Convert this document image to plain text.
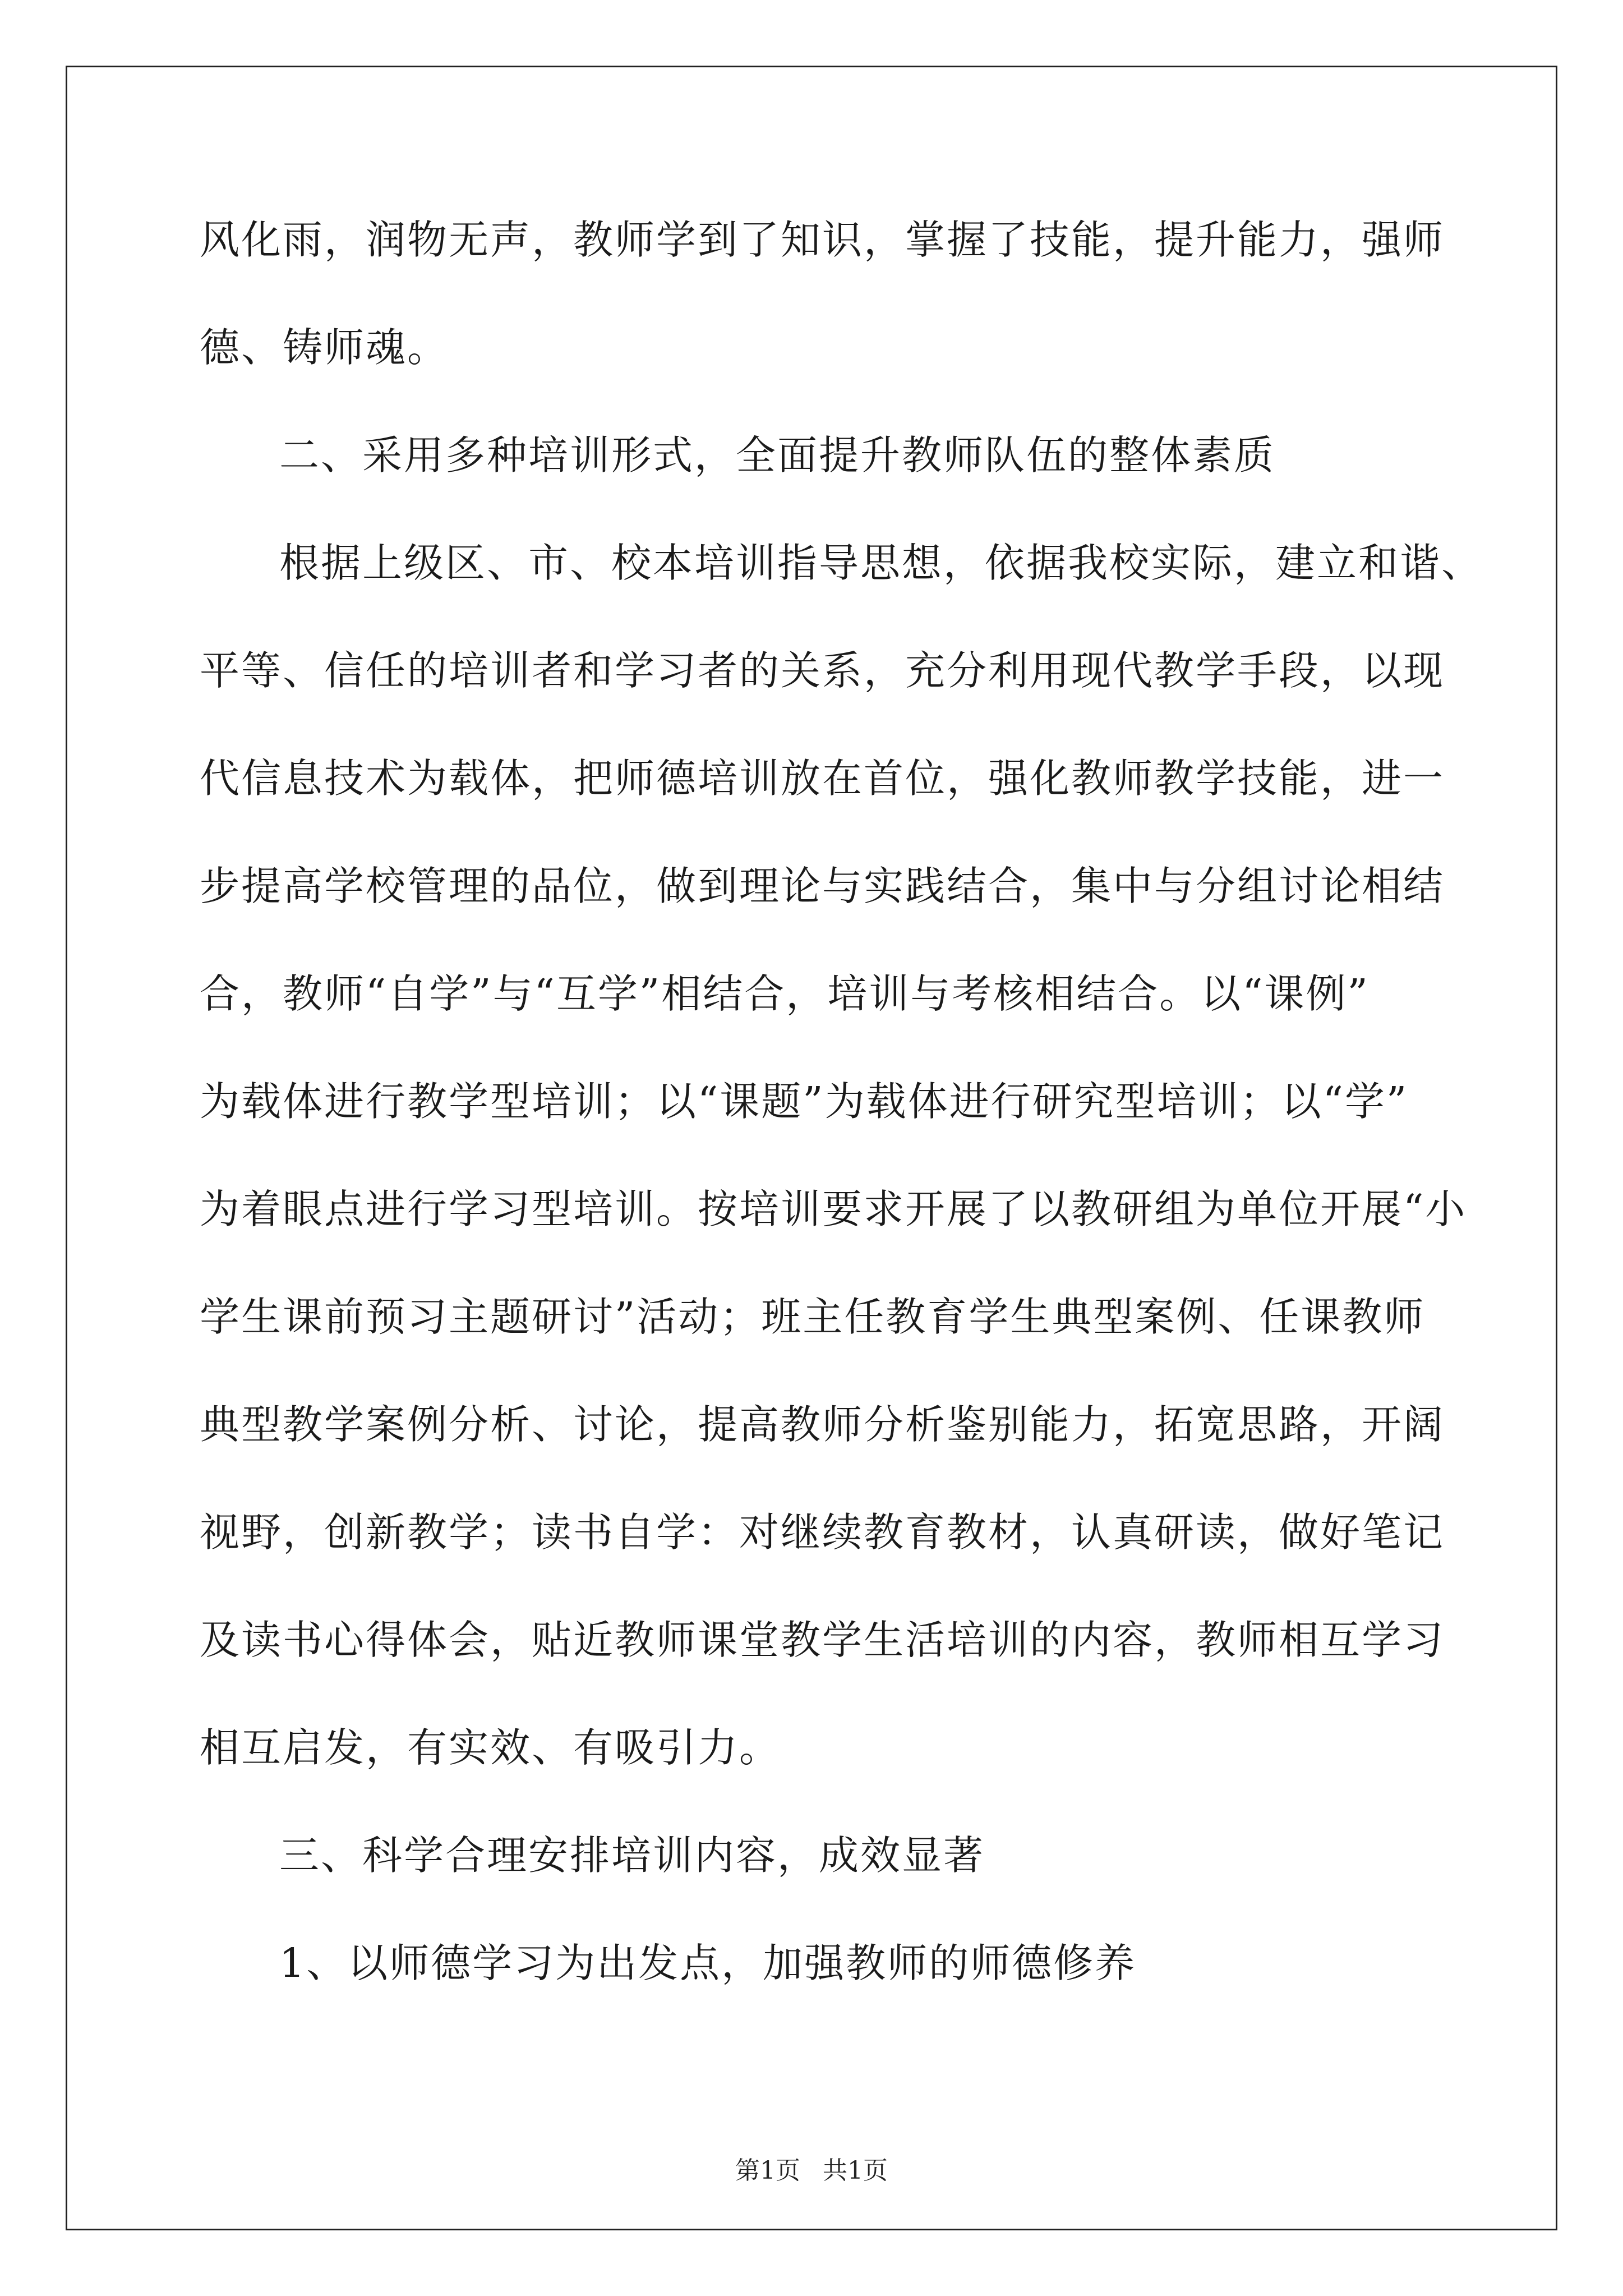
风化雨，润物无声，教师学到了知识，掌握了技能，提升能力，强师

德、铸师魂。

二、采用多种培训形式，全面提升教师队伍的整体素质

根据上级区、市、校本培训指导思想，依据我校实际，建立和谐、

平等、信任的培训者和学习者的关系，充分利用现代教学手段，以现

代信息技术为载体，把师德培训放在首位，强化教师教学技能，进一

步提高学校管理的品位，做到理论与实践结合，集中与分组讨论相结

合，教师“自学”与“互学”相结合，培训与考核相结合。以“课例”

为载体进行教学型培训；以“课题”为载体进行研究型培训；以“学”

为着眼点进行学习型培训。按培训要求开展了以教研组为单位开展“小

学生课前预习主题研讨”活动；班主任教育学生典型案例、任课教师

典型教学案例分析、讨论，提高教师分析鉴别能力，拓宽思路，开阔

视野，创新教学；读书自学：对继续教育教材，认真研读，做好笔记

及读书心得体会，贴近教师课堂教学生活培训的内容，教师相互学习

相互启发，有实效、有吸引力。

三、科学合理安排培训内容，成效显著

1、以师德学习为出发点，加强教师的师德修养

第1页 共1页
